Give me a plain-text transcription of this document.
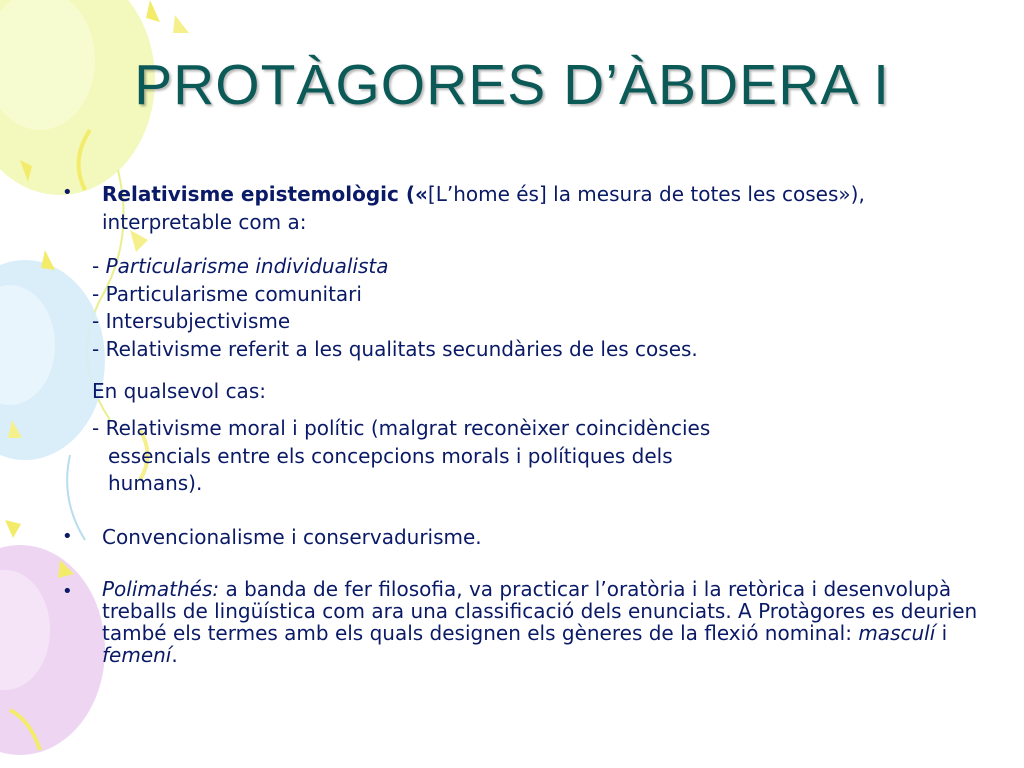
PROTÀGORES D’ÀBDERA I
• Relativisme epistemològic («[L’home és] la mesura de totes les coses»),
interpretable com a:
- Particularisme individualista
- Particularisme comunitari
- Intersubjectivisme
- Relativisme referit a les qualitats secundàries de les coses.
En qualsevol cas:
- Relativisme moral i polític (malgrat reconèixer coincidències
essencials entre els concepcions morals i polítiques dels
humans).
• Convencionalisme i conservadurisme.
• Polimathés: a banda de fer filosofia, va practicar l’oratòria i la retòrica i desenvolupà treballs de lingüística com ara una classificació dels enunciats. A Protàgores es deurien també els termes amb els quals designen els gèneres de la flexió nominal: masculí i femení.
